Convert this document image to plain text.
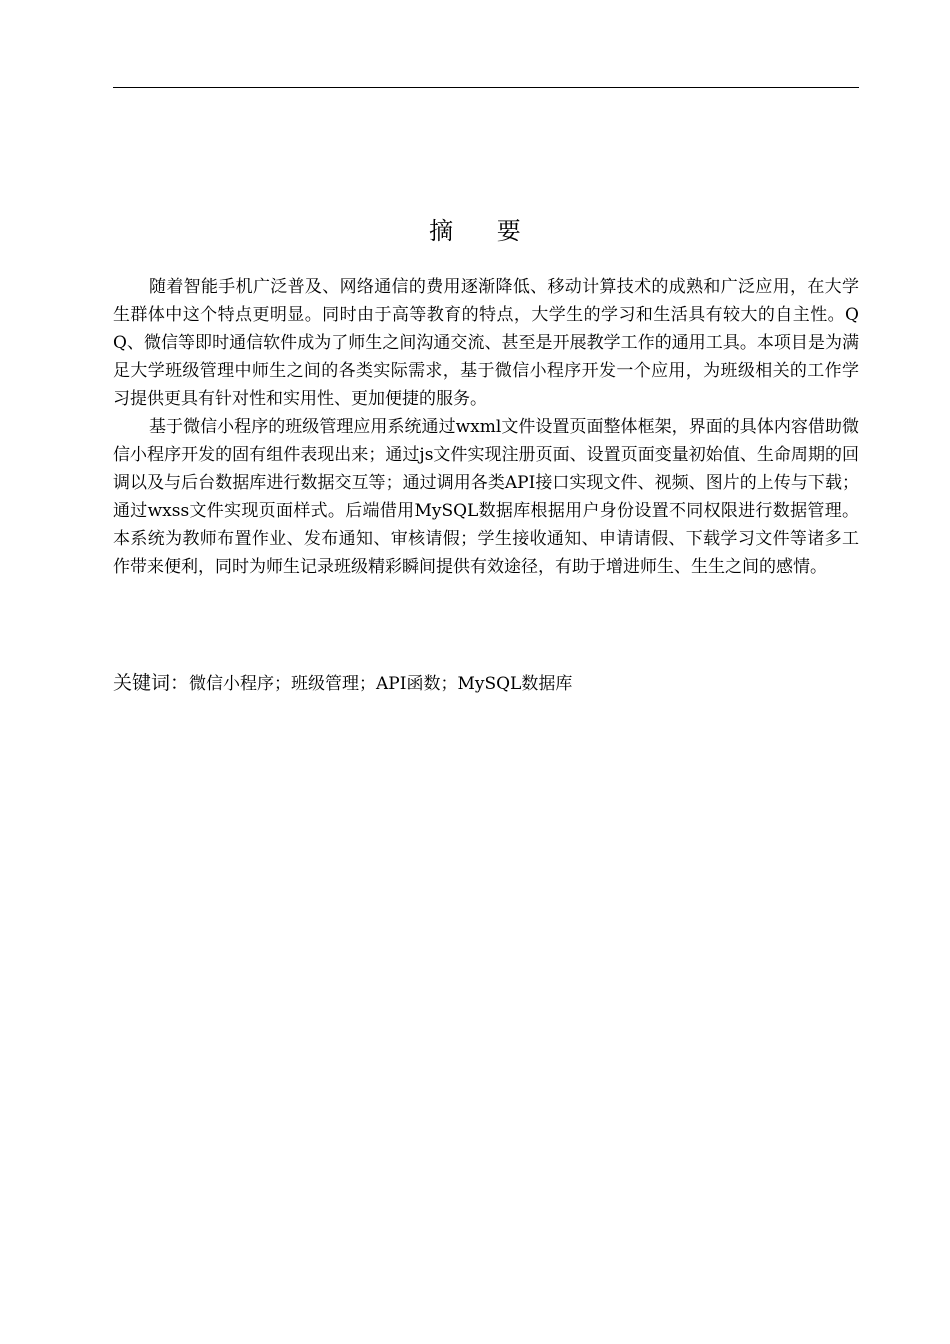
摘 要

随着智能手机广泛普及、网络通信的费用逐渐降低、移动计算技术的成熟和广泛应用，在大学生群体中这个特点更明显。同时由于高等教育的特点，大学生的学习和生活具有较大的自主性。QQ、微信等即时通信软件成为了师生之间沟通交流、甚至是开展教学工作的通用工具。本项目是为满足大学班级管理中师生之间的各类实际需求，基于微信小程序开发一个应用，为班级相关的工作学习提供更具有针对性和实用性、更加便捷的服务。

基于微信小程序的班级管理应用系统通过wxml文件设置页面整体框架，界面的具体内容借助微信小程序开发的固有组件表现出来；通过js文件实现注册页面、设置页面变量初始值、生命周期的回调以及与后台数据库进行数据交互等；通过调用各类API接口实现文件、视频、图片的上传与下载；通过wxss文件实现页面样式。后端借用MySQL数据库根据用户身份设置不同权限进行数据管理。本系统为教师布置作业、发布通知、审核请假；学生接收通知、申请请假、下载学习文件等诸多工作带来便利，同时为师生记录班级精彩瞬间提供有效途径，有助于增进师生、生生之间的感情。

关键词：微信小程序；班级管理；API函数；MySQL数据库
